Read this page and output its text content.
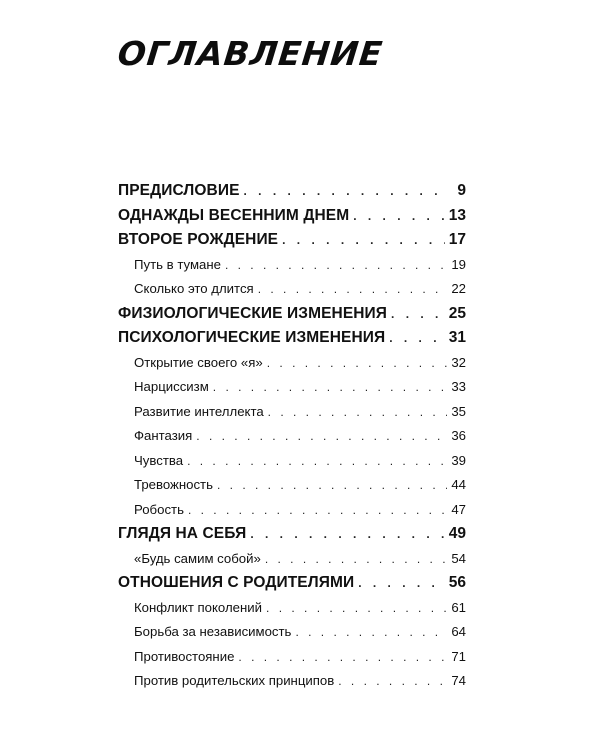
ОГЛАВЛЕНИЕ
ПРЕДИСЛОВИЕ . . .	9
ОДНАЖДЫ ВЕСЕННИМ ДНЕМ . . .	13
ВТОРОЕ РОЖДЕНИЕ . . .	17
Путь в тумане . . .	19
Сколько это длится . . .	22
ФИЗИОЛОГИЧЕСКИЕ ИЗМЕНЕНИЯ . . .	25
ПСИХОЛОГИЧЕСКИЕ ИЗМЕНЕНИЯ . . .	31
Открытие своего «я» . . .	32
Нарциссизм . . .	33
Развитие интеллекта . . .	35
Фантазия . . .	36
Чувства . . .	39
Тревожность . . .	44
Робость . . .	47
ГЛЯДЯ НА СЕБЯ . . .	49
«Будь самим собой» . . .	54
ОТНОШЕНИЯ С РОДИТЕЛЯМИ . . .	56
Конфликт поколений . . .	61
Борьба за независимость . . .	64
Противостояние . . .	71
Против родительских принципов . . .	74
